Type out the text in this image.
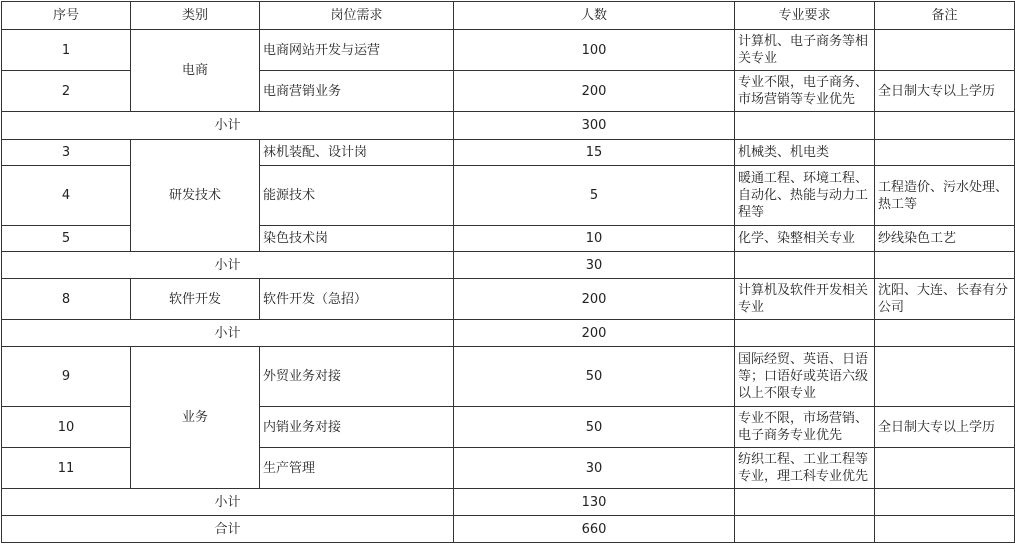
序号	类别	岗位需求	人数	专业要求	备注
1	电商	电商网站开发与运营	100	计算机、电子商务等相关专业	
2		电商营销业务	200	专业不限，电子商务、市场营销等专业优先	全日制大专以上学历
小计			300		
3	研发技术	袜机装配、设计岗	15	机械类、机电类	
4		能源技术	5	暖通工程、环境工程、自动化、热能与动力工程等	工程造价、污水处理、热工等
5		染色技术岗	10	化学、染整相关专业	纱线染色工艺
小计			30		
8	软件开发	软件开发（急招）	200	计算机及软件开发相关专业	沈阳、大连、长春有分公司
小计			200		
9	业务	外贸业务对接	50	国际经贸、英语、日语等；口语好或英语六级以上不限专业	
10		内销业务对接	50	专业不限，市场营销、电子商务专业优先	全日制大专以上学历
11		生产管理	30	纺织工程、工业工程等专业，理工科专业优先	
小计			130		
合计			660		
